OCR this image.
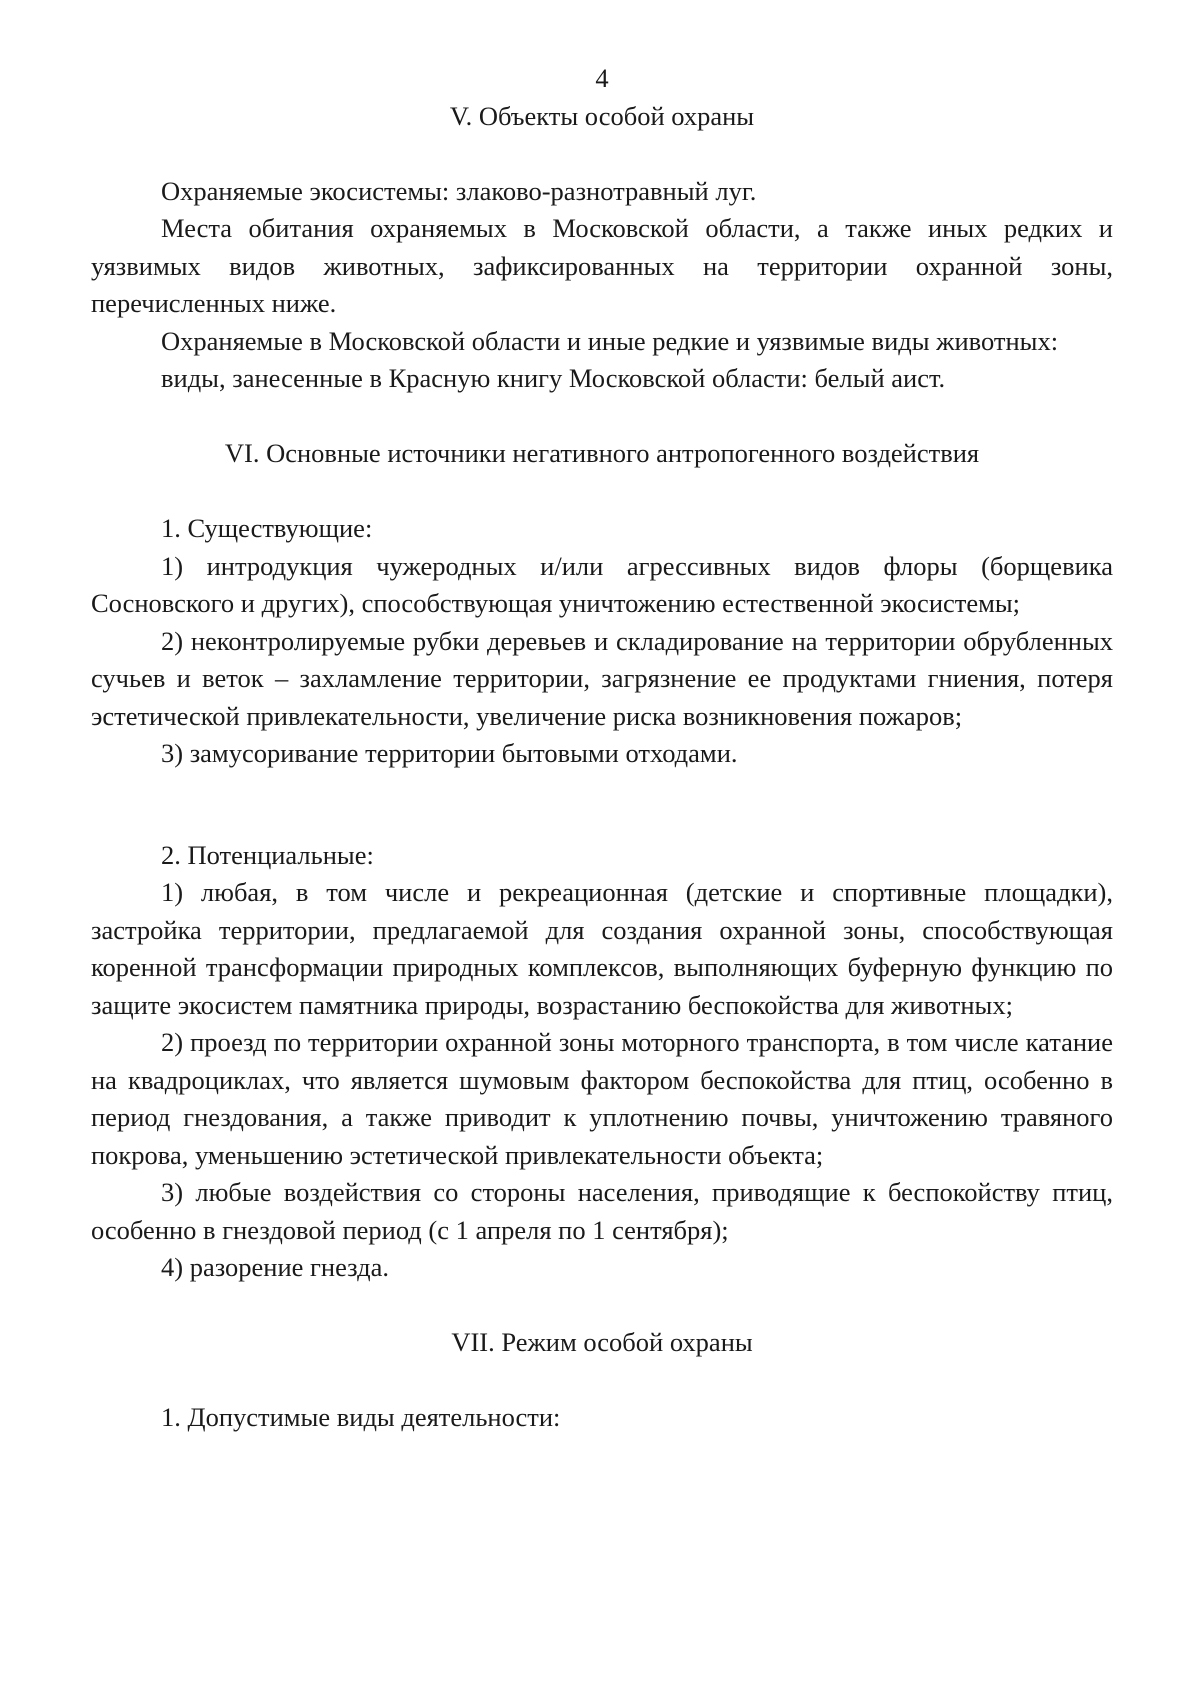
4

V. Объекты особой охраны

Охраняемые экосистемы: злаково-разнотравный луг.

Места обитания охраняемых в Московской области, а также иных редких и уязвимых видов животных, зафиксированных на территории охранной зоны, перечисленных ниже.

Охраняемые в Московской области и иные редкие и уязвимые виды животных:

виды, занесенные в Красную книгу Московской области: белый аист.

VI. Основные источники негативного антропогенного воздействия

1. Существующие:

1) интродукция чужеродных и/или агрессивных видов флоры (борщевика Сосновского и других), способствующая уничтожению естественной экосистемы;

2) неконтролируемые рубки деревьев и складирование на территории обрубленных сучьев и веток – захламление территории, загрязнение ее продуктами гниения, потеря эстетической привлекательности, увеличение риска возникновения пожаров;

3) замусоривание территории бытовыми отходами.

2. Потенциальные:

1) любая, в том числе и рекреационная (детские и спортивные площадки), застройка территории, предлагаемой для создания охранной зоны, способствующая коренной трансформации природных комплексов, выполняющих буферную функцию по защите экосистем памятника природы, возрастанию беспокойства для животных;

2) проезд по территории охранной зоны моторного транспорта, в том числе катание на квадроциклах, что является шумовым фактором беспокойства для птиц, особенно в период гнездования, а также приводит к уплотнению почвы, уничтожению травяного покрова, уменьшению эстетической привлекательности объекта;

3) любые воздействия со стороны населения, приводящие к беспокойству птиц, особенно в гнездовой период (с 1 апреля по 1 сентября);

4) разорение гнезда.

VII. Режим особой охраны

1. Допустимые виды деятельности:
